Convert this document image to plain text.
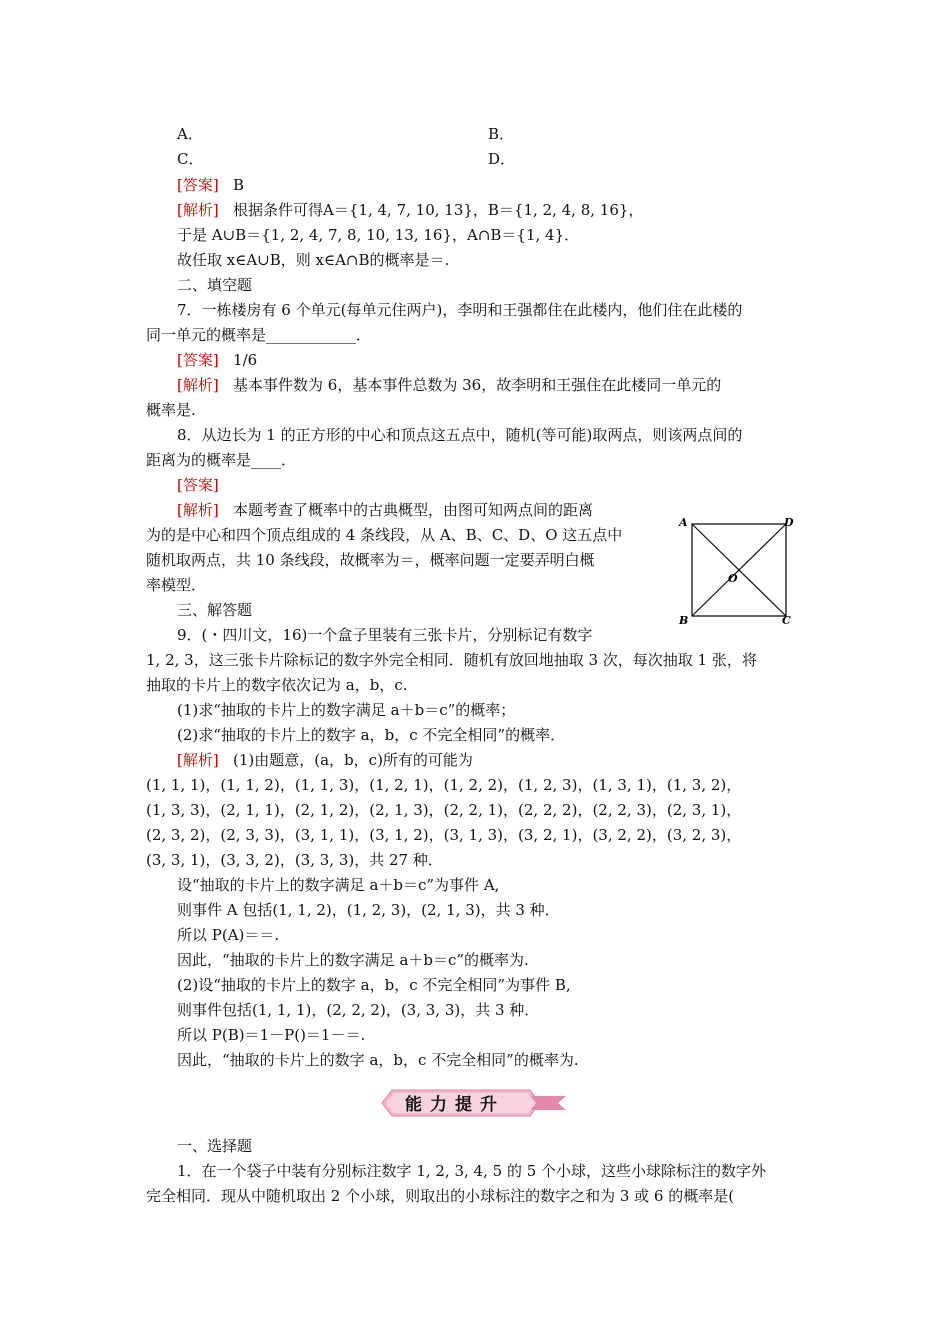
A．	B．
C．	D．
[答案] B
[解析] 根据条件可得A＝{1, 4, 7, 10, 13}，B＝{1, 2, 4, 8, 16}，
于是 A∪B＝{1, 2, 4, 7, 8, 10, 13, 16}，A∩B＝{1, 4}．
故任取 x∈A∪B，则 x∈A∩B的概率是＝.
二、填空题
7．一栋楼房有 6 个单元(每单元住两户)，李明和王强都住在此楼内，他们住在此楼的
同一单元的概率是____________．
[答案] 1/6
[解析] 基本事件数为 6，基本事件总数为 36，故李明和王强住在此楼同一单元的
概率是.
8．从边长为 1 的正方形的中心和顶点这五点中，随机(等可能)取两点，则该两点间的
距离为的概率是____．
[答案]
[解析] 本题考查了概率中的古典概型，由图可知两点间的距离
为的是中心和四个顶点组成的 4 条线段，从 A、B、C、D、O 这五点中
随机取两点，共 10 条线段，故概率为＝，概率问题一定要弄明白概
率模型．
A	D
B	C
O
三、解答题
9．(・四川文，16)一个盒子里装有三张卡片，分别标记有数字
1, 2, 3，这三张卡片除标记的数字外完全相同．随机有放回地抽取 3 次，每次抽取 1 张，将
抽取的卡片上的数字依次记为 a，b，c.
(1)求“抽取的卡片上的数字满足 a＋b＝c”的概率；
(2)求“抽取的卡片上的数字 a，b，c 不完全相同”的概率．
[解析] (1)由题意，(a，b，c)所有的可能为
(1, 1, 1)，(1, 1, 2)，(1, 1, 3)，(1, 2, 1)，(1, 2, 2)，(1, 2, 3)，(1, 3, 1)，(1, 3, 2)，
(1, 3, 3)，(2, 1, 1)，(2, 1, 2)，(2, 1, 3)，(2, 2, 1)，(2, 2, 2)，(2, 2, 3)，(2, 3, 1)，
(2, 3, 2)，(2, 3, 3)，(3, 1, 1)，(3, 1, 2)，(3, 1, 3)，(3, 2, 1)，(3, 2, 2)，(3, 2, 3)，
(3, 3, 1)，(3, 3, 2)，(3, 3, 3)，共 27 种．
设“抽取的卡片上的数字满足 a＋b＝c”为事件 A,
则事件 A 包括(1, 1, 2)，(1, 2, 3)，(2, 1, 3)，共 3 种．
所以 P(A)＝＝.
因此，“抽取的卡片上的数字满足 a＋b＝c”的概率为.
(2)设“抽取的卡片上的数字 a，b，c 不完全相同”为事件 B,
则事件包括(1, 1, 1)，(2, 2, 2)，(3, 3, 3)，共 3 种．
所以 P(B)＝1－P()＝1－＝.
因此，“抽取的卡片上的数字 a，b，c 不完全相同”的概率为.
能力提升
一、选择题
1．在一个袋子中装有分别标注数字 1, 2, 3, 4, 5 的 5 个小球，这些小球除标注的数字外
完全相同．现从中随机取出 2 个小球，则取出的小球标注的数字之和为 3 或 6 的概率是(
